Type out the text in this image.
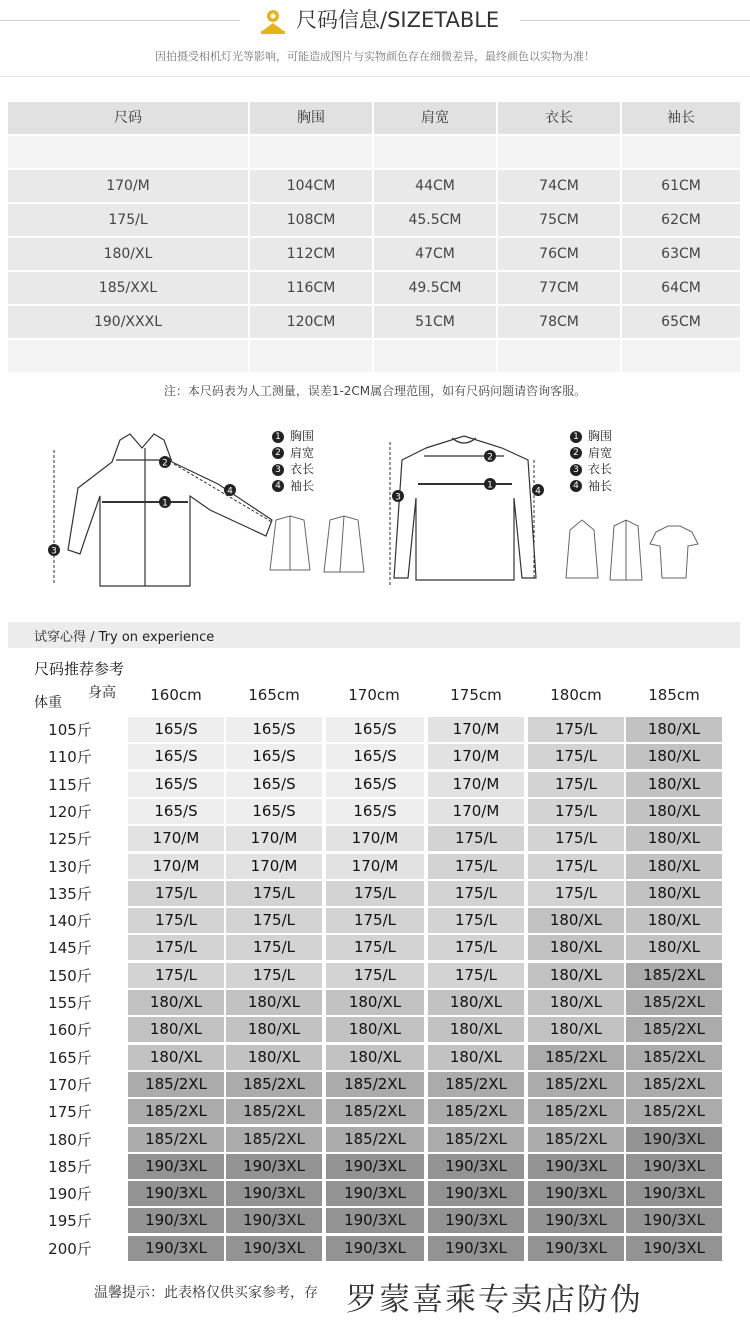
尺码信息/SIZETABLE
因拍摄受相机灯光等影响，可能造成图片与实物颜色存在细微差异，最终颜色以实物为准！
尺码	胸围	肩宽	衣长	袖长
170/M	104CM	44CM	74CM	61CM
175/L	108CM	45.5CM	75CM	62CM
180/XL	112CM	47CM	76CM	63CM
185/XXL	116CM	49.5CM	77CM	64CM
190/XXXL	120CM	51CM	78CM	65CM
注：本尺码表为人工测量，误差1-2CM属合理范围，如有尺码问题请咨询客服。
2
1
3
4
1 胸围
2 肩宽
3 衣长
4 袖长
2
1
3
4
1 胸围
2 肩宽
3 衣长
4 袖长
试穿心得 / Try on experience
尺码推荐参考
身高
体重	160cm	165cm	170cm	175cm	180cm	185cm
105斤	165/S	165/S	165/S	170/M	175/L	180/XL
110斤	165/S	165/S	165/S	170/M	175/L	180/XL
115斤	165/S	165/S	165/S	170/M	175/L	180/XL
120斤	165/S	165/S	165/S	170/M	175/L	180/XL
125斤	170/M	170/M	170/M	175/L	175/L	180/XL
130斤	170/M	170/M	170/M	175/L	175/L	180/XL
135斤	175/L	175/L	175/L	175/L	175/L	180/XL
140斤	175/L	175/L	175/L	175/L	180/XL	180/XL
145斤	175/L	175/L	175/L	175/L	180/XL	180/XL
150斤	175/L	175/L	175/L	175/L	180/XL	185/2XL
155斤	180/XL	180/XL	180/XL	180/XL	180/XL	185/2XL
160斤	180/XL	180/XL	180/XL	180/XL	180/XL	185/2XL
165斤	180/XL	180/XL	180/XL	180/XL	185/2XL	185/2XL
170斤	185/2XL	185/2XL	185/2XL	185/2XL	185/2XL	185/2XL
175斤	185/2XL	185/2XL	185/2XL	185/2XL	185/2XL	185/2XL
180斤	185/2XL	185/2XL	185/2XL	185/2XL	185/2XL	190/3XL
185斤	190/3XL	190/3XL	190/3XL	190/3XL	190/3XL	190/3XL
190斤	190/3XL	190/3XL	190/3XL	190/3XL	190/3XL	190/3XL
195斤	190/3XL	190/3XL	190/3XL	190/3XL	190/3XL	190/3XL
200斤	190/3XL	190/3XL	190/3XL	190/3XL	190/3XL	190/3XL
温馨提示：此表格仅供买家参考，存 罗蒙喜乘专卖店防伪
